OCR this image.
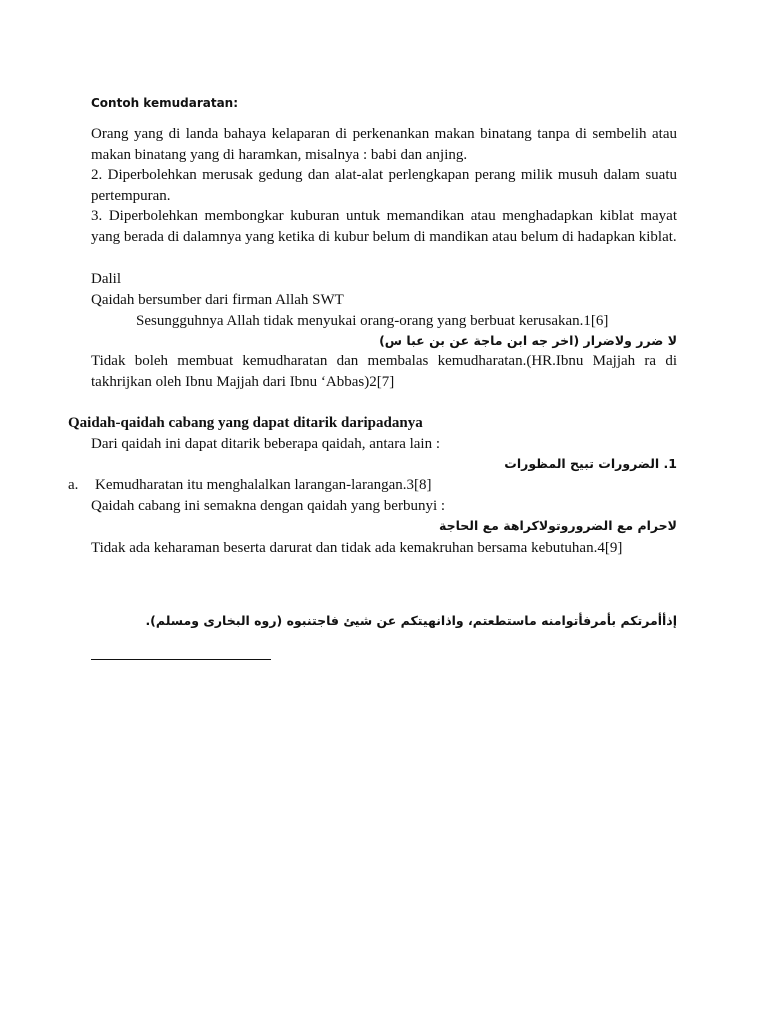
Contoh kemudaratan:
Orang yang di landa bahaya kelaparan di perkenankan makan binatang tanpa di sembelih atau makan binatang yang di haramkan, misalnya : babi dan anjing.
2. Diperbolehkan merusak gedung dan alat-alat perlengkapan perang milik musuh dalam suatu pertempuran.
3. Diperbolehkan membongkar kuburan untuk memandikan atau menghadapkan kiblat mayat yang berada di dalamnya yang ketika di kubur belum di mandikan atau belum di hadapkan kiblat.
Dalil
Qaidah bersumber dari firman Allah SWT
Sesungguhnya Allah tidak menyukai orang-orang yang berbuat kerusakan.1[6]
لا ضرر ولاضرار (اخر جه ابن ماجة عن بن عبا س)
Tidak boleh membuat kemudharatan dan membalas kemudharatan.(HR.Ibnu Majjah ra di takhrijkan oleh Ibnu Majjah dari Ibnu ‘Abbas)2[7]
Qaidah-qaidah cabang yang dapat ditarik daripadanya
Dari qaidah ini dapat ditarik beberapa qaidah, antara lain :
1. الضرورات تبيح المظورات
a. Kemudharatan itu menghalalkan larangan-larangan.3[8]
Qaidah cabang ini semakna dengan qaidah yang berbunyi :
لاحرام مع الضروروتولاكراهة مع الحاجة
Tidak ada keharaman beserta darurat dan tidak ada kemakruhan bersama kebutuhan.4[9]
إذأأمرتكم بأمرفأتوامنه ماستطعتم، واذانهيتكم عن شيئ فاجتنبوه (روه البخارى ومسلم).
